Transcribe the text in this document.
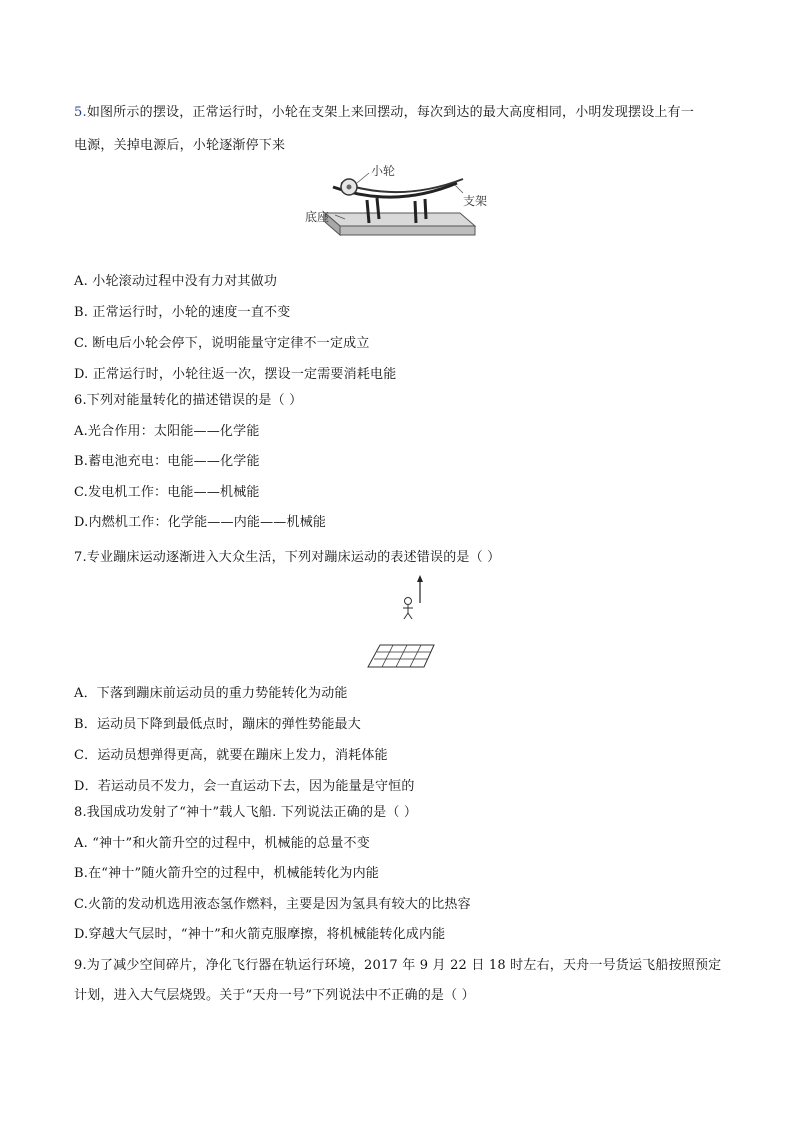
5.如图所示的摆设，正常运行时，小轮在支架上来回摆动，每次到达的最大高度相同，小明发现摆设上有一
电源，关掉电源后，小轮逐渐停下来
小轮
支架
底座
A. 小轮滚动过程中没有力对其做功
B. 正常运行时，小轮的速度一直不变
C. 断电后小轮会停下，说明能量守定律不一定成立
D. 正常运行时，小轮往返一次，摆设一定需要消耗电能
6.下列对能量转化的描述错误的是（ ）
A.光合作用：太阳能——化学能
B.蓄电池充电：电能——化学能
C.发电机工作：电能——机械能
D.内燃机工作：化学能——内能——机械能
7.专业蹦床运动逐渐进入大众生活，下列对蹦床运动的表述错误的是（ ）
A．下落到蹦床前运动员的重力势能转化为动能
B．运动员下降到最低点时，蹦床的弹性势能最大
C．运动员想弹得更高，就要在蹦床上发力，消耗体能
D．若运动员不发力，会一直运动下去，因为能量是守恒的
8.我国成功发射了“神十”载人飞船. 下列说法正确的是（ ）
A. “神十”和火箭升空的过程中，机械能的总量不变
B.在“神十”随火箭升空的过程中，机械能转化为内能
C.火箭的发动机选用液态氢作燃料，主要是因为氢具有较大的比热容
D.穿越大气层时，“神十”和火箭克服摩擦，将机械能转化成内能
9.为了减少空间碎片，净化飞行器在轨运行环境，2017 年 9 月 22 日 18 时左右，天舟一号货运飞船按照预定
计划，进入大气层烧毁。关于“天舟一号”下列说法中不正确的是（ ）
